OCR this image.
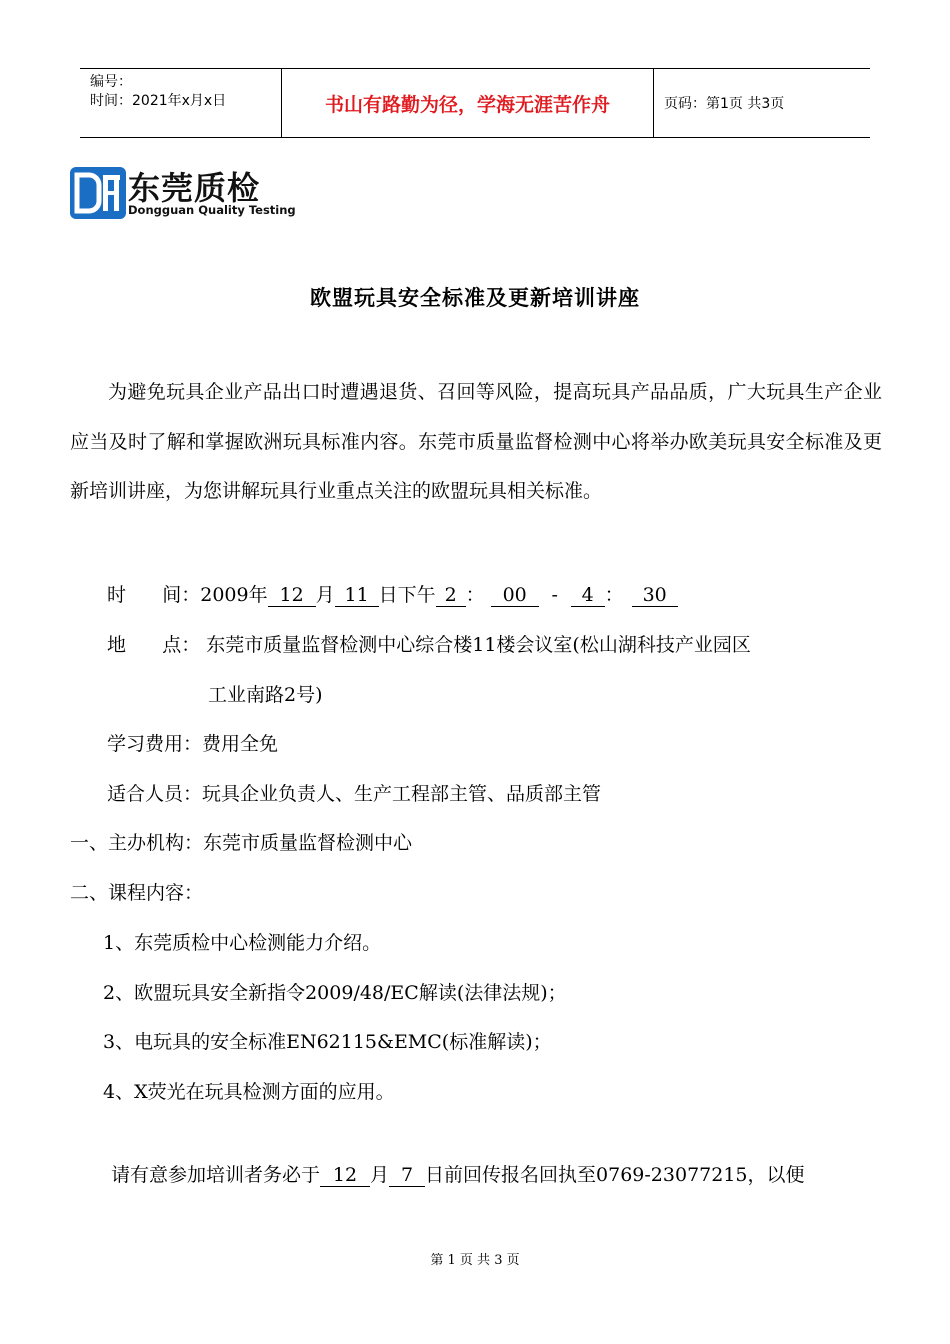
编号：
时间：2021年x月x日	书山有路勤为径，学海无涯苦作舟	页码：第1页 共3页
东莞质检
Dongguan Quality Testing
欧盟玩具安全标准及更新培训讲座
为避免玩具企业产品出口时遭遇退货、召回等风险，提高玩具产品品质，广大玩具生产企业应当及时了解和掌握欧洲玩具标准内容。东莞市质量监督检测中心将举办欧美玩具安全标准及更新培训讲座，为您讲解玩具行业重点关注的欧盟玩具相关标准。
时      间：2009年 12 月 11 日下午 2 ： 00 - 4 ： 30
地      点： 东莞市质量监督检测中心综合楼11楼会议室(松山湖科技产业园区
工业南路2号)
学习费用：费用全免
适合人员：玩具企业负责人、生产工程部主管、品质部主管
一、主办机构：东莞市质量监督检测中心
二、课程内容：
1、东莞质检中心检测能力介绍。
2、欧盟玩具安全新指令2009/48/EC解读(法律法规)；
3、电玩具的安全标准EN62115&EMC(标准解读)；
4、X荧光在玩具检测方面的应用。
请有意参加培训者务必于 12 月 7 日前回传报名回执至0769-23077215，以便
第 1 页 共 3 页
